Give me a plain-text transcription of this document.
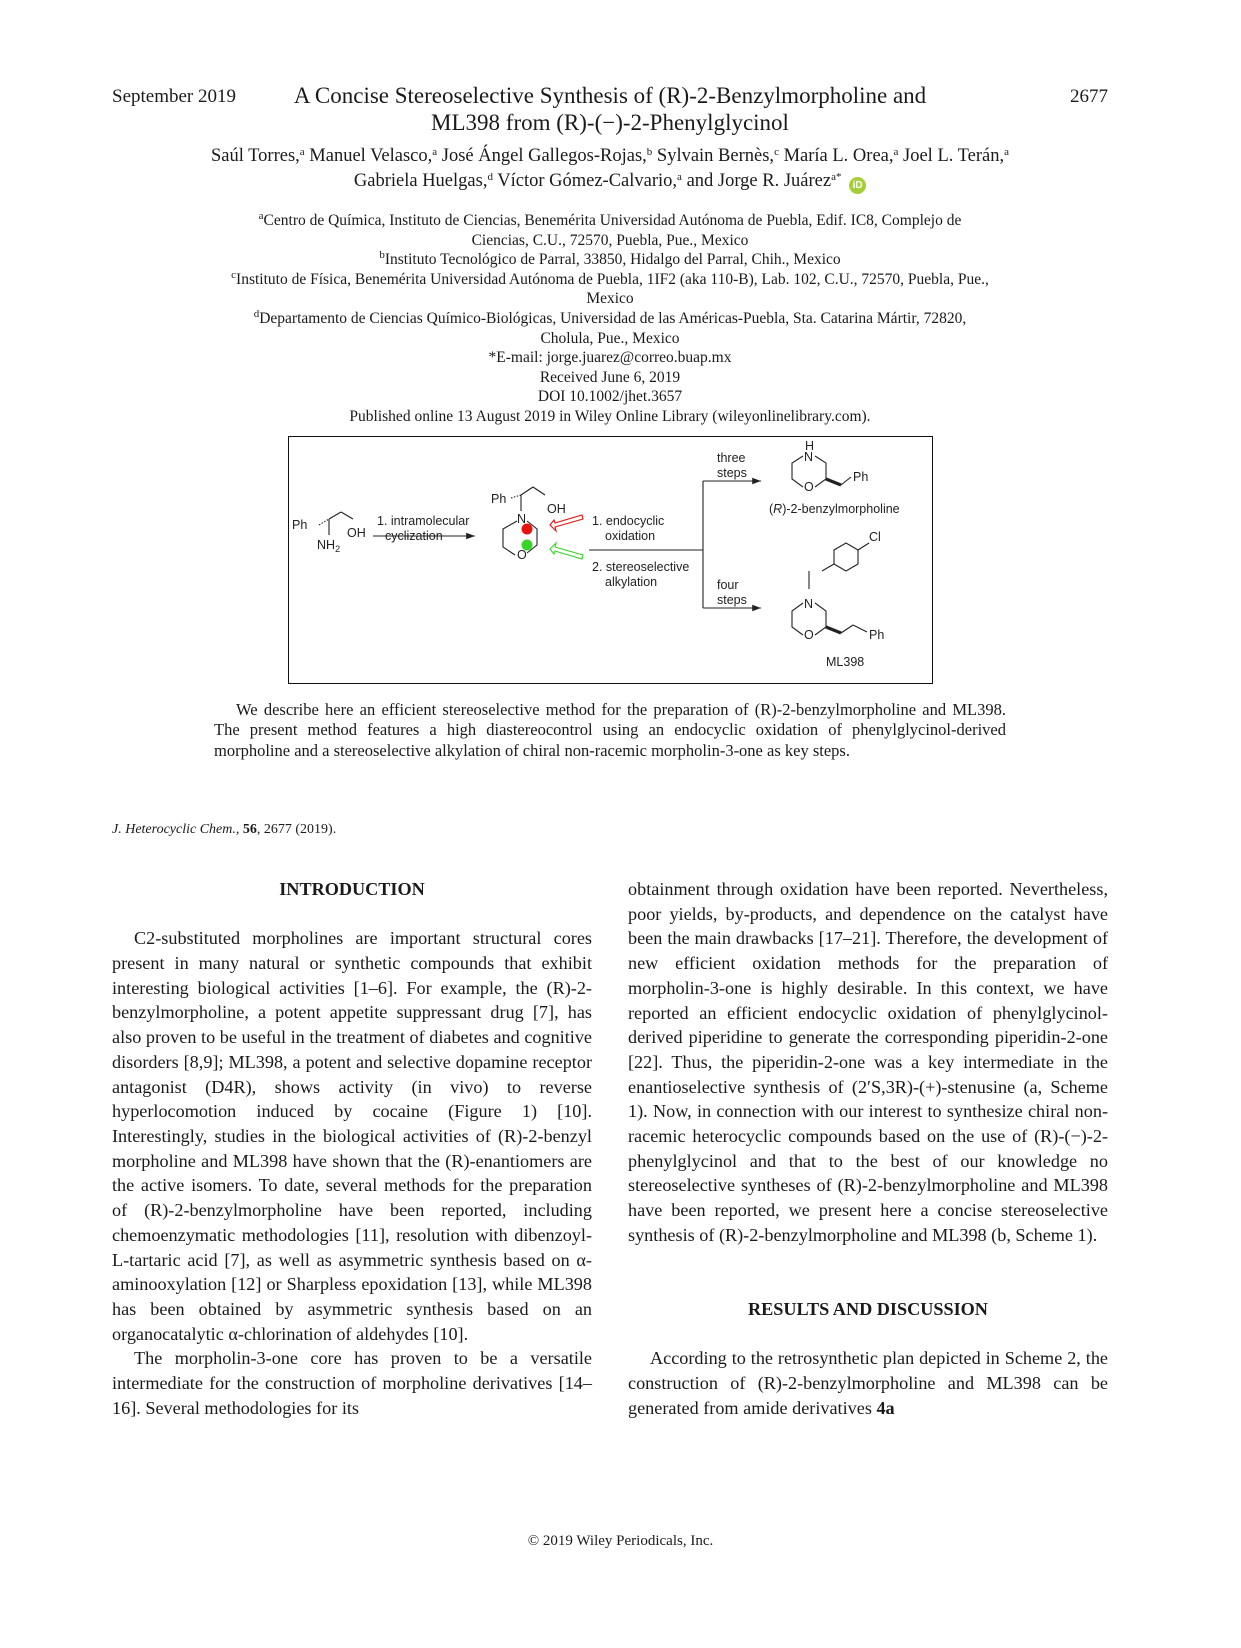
September 2019	A Concise Stereoselective Synthesis of (R)-2-Benzylmorpholine and
ML398 from (R)-(−)-2-Phenylglycinol
2677
Saúl Torres,$^a$ Manuel Velasco,$^a$ José Ángel Gallegos-Rojas,$^b$ Sylvain Bernès,$^c$ María L. Orea,$^a$ Joel L. Terán,$^a$
Gabriela Huelgas,$^d$ Víctor Gómez-Calvario,$^a$ and Jorge R. Juárez$^{a*}$ iD
$^a$Centro de Química, Instituto de Ciencias, Benemérita Universidad Autónoma de Puebla, Edif. IC8, Complejo de
Ciencias, C.U., 72570, Puebla, Pue., Mexico
$^b$Instituto Tecnológico de Parral, 33850, Hidalgo del Parral, Chih., Mexico
$^c$Instituto de Física, Benemérita Universidad Autónoma de Puebla, 1IF2 (aka 110-B), Lab. 102, C.U., 72570, Puebla, Pue.,
Mexico
$^d$Departamento de Ciencias Químico-Biológicas, Universidad de las Américas-Puebla, Sta. Catarina Mártir, 72820,
Cholula, Pue., Mexico
*E-mail: jorge.juarez@correo.buap.mx
Received June 6, 2019
DOI 10.1002/jhet.3657
Published online 13 August 2019 in Wiley Online Library (wileyonlinelibrary.com).
Ph
OH
$NH_2$
1. intramolecular
cyclization
Ph
OH
N
O
1. endocyclic
oxidation
2. stereoselective
alkylation
three
steps
four
steps
H
N
O
Ph
(R)-2-benzylmorpholine
Cl
N
O	Ph
ML398
We describe here an efficient stereoselective method for the preparation of (R)-2-benzylmorpholine and ML398. The present method features a high diastereocontrol using an endocyclic oxidation of phenylglycinol-derived morpholine and a stereoselective alkylation of chiral non-racemic morpholin-3-one as key steps.
J. Heterocyclic Chem., 56, 2677 (2019).
INTRODUCTION

C2-substituted morpholines are important structural cores present in many natural or synthetic compounds that exhibit interesting biological activities [1–6]. For example, the (R)-2-benzylmorpholine, a potent appetite suppressant drug [7], has also proven to be useful in the treatment of diabetes and cognitive disorders [8,9]; ML398, a potent and selective dopamine receptor antagonist (D4R), shows activity (in vivo) to reverse hyperlocomotion induced by cocaine (Figure 1) [10]. Interestingly, studies in the biological activities of (R)-2-benzyl morpholine and ML398 have shown that the (R)-enantiomers are the active isomers. To date, several methods for the preparation of (R)-2-benzylmorpholine have been reported, including chemoenzymatic methodologies [11], resolution with dibenzoyl-L-tartaric acid [7], as well as asymmetric synthesis based on α-aminooxylation [12] or Sharpless epoxidation [13], while ML398 has been obtained by asymmetric synthesis based on an organocatalytic α-chlorination of aldehydes [10].

The morpholin-3-one core has proven to be a versatile intermediate for the construction of morpholine derivatives [14–16]. Several methodologies for its

obtainment through oxidation have been reported. Nevertheless, poor yields, by-products, and dependence on the catalyst have been the main drawbacks [17–21]. Therefore, the development of new efficient oxidation methods for the preparation of morpholin-3-one is highly desirable. In this context, we have reported an efficient endocyclic oxidation of phenylglycinol-derived piperidine to generate the corresponding piperidin-2-one [22]. Thus, the piperidin-2-one was a key intermediate in the enantioselective synthesis of (2′S,3R)-(+)-stenusine (a, Scheme 1). Now, in connection with our interest to synthesize chiral non-racemic heterocyclic compounds based on the use of (R)-(−)-2-phenylglycinol and that to the best of our knowledge no stereoselective syntheses of (R)-2-benzylmorpholine and ML398 have been reported, we present here a concise stereoselective synthesis of (R)-2-benzylmorpholine and ML398 (b, Scheme 1).

RESULTS AND DISCUSSION

According to the retrosynthetic plan depicted in Scheme 2, the construction of (R)-2-benzylmorpholine and ML398 can be generated from amide derivatives 4a

© 2019 Wiley Periodicals, Inc.
